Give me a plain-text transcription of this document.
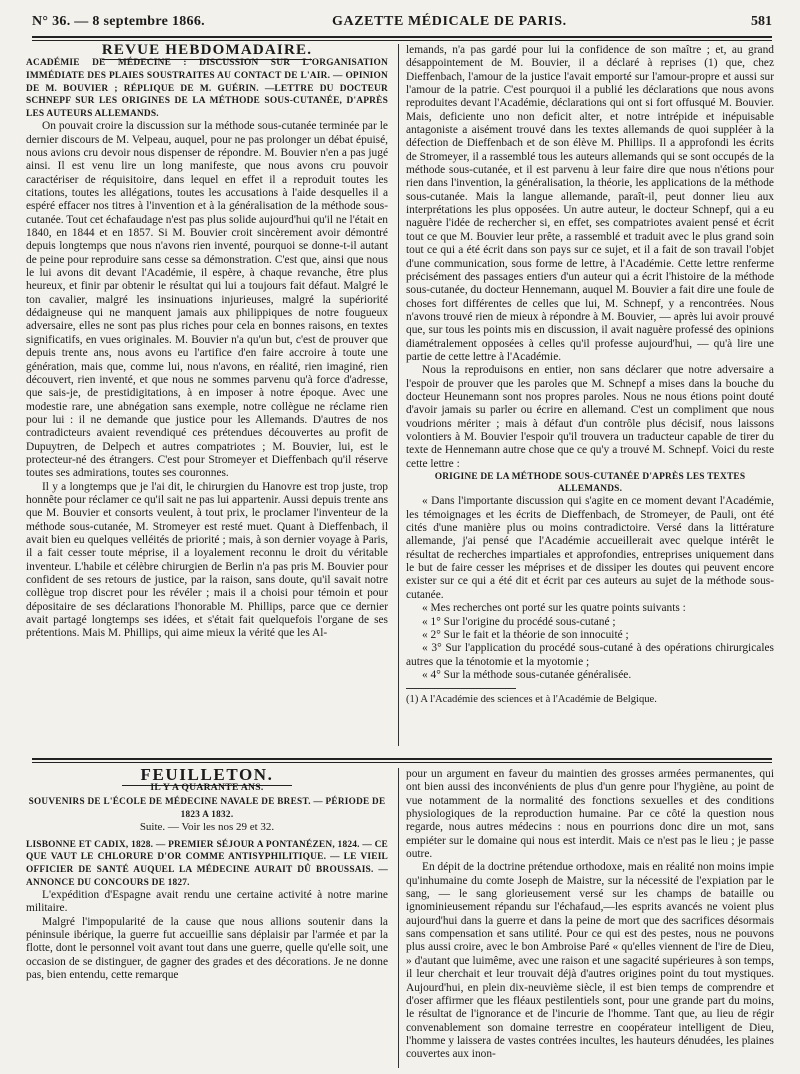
N° 36. — 8 septembre 1866.	GAZETTE MÉDICALE DE PARIS.	581

REVUE HEBDOMADAIRE.

ACADÉMIE DE MÉDECINE : DISCUSSION SUR L'ORGANISATION IMMÉDIATE DES PLAIES SOUSTRAITES AU CONTACT DE L'AIR. — OPINION DE M. BOUVIER ; RÉPLIQUE DE M. GUÉRIN. —LETTRE DU DOCTEUR SCHNEPF SUR LES ORIGINES DE LA MÉTHODE SOUS-CUTANÉE, D'APRÈS LES AUTEURS ALLEMANDS.

On pouvait croire la discussion sur la méthode sous-cutanée terminée par le dernier discours de M. Velpeau, auquel, pour ne pas prolonger un débat épuisé, nous avions cru devoir nous dispenser de répondre. M. Bouvier n'en a pas jugé ainsi. Il est venu lire un long manifeste, que nous avons cru pouvoir caractériser de réquisitoire, dans lequel en effet il a reproduit toutes les citations, toutes les allégations, toutes les accusations à l'aide desquelles il a espéré effacer nos titres à l'invention et à la généralisation de la méthode sous-cutanée. Tout cet échafaudage n'est pas plus solide aujourd'hui qu'il ne l'était en 1840, en 1844 et en 1857. Si M. Bouvier croit sincèrement avoir démontré depuis longtemps que nous n'avons rien inventé, pourquoi se donne-t-il autant de peine pour reproduire sans cesse sa démonstration. C'est que, ainsi que nous le lui avons dit devant l'Académie, il espère, à chaque revanche, être plus heureux, et finir par obtenir le résultat qui lui a toujours fait défaut. Malgré le ton cavalier, malgré les insinuations injurieuses, malgré la supériorité dédaigneuse qui ne manquent jamais aux philippiques de notre fougueux adversaire, elles ne sont pas plus riches pour cela en bonnes raisons, en textes significatifs, en vues originales. M. Bouvier n'a qu'un but, c'est de prouver que depuis trente ans, nous avons eu l'artifice d'en faire accroire à toute une génération, mais que, comme lui, nous n'avons, en réalité, rien imaginé, rien découvert, rien inventé, et que nous ne sommes parvenu qu'à force d'adresse, que sais-je, de prestidigitations, à en imposer à notre époque. Avec une modestie rare, une abnégation sans exemple, notre collègue ne réclame rien pour lui : il ne demande que justice pour les Allemands. D'autres de nos contradicteurs avaient revendiqué ces prétendues découvertes au profit de Dupuytren, de Delpech et autres compatriotes ; M. Bouvier, lui, est le protecteur-né des étrangers. C'est pour Stromeyer et Dieffenbach qu'il réserve toutes ses admirations, toutes ses couronnes.

Il y a longtemps que je l'ai dit, le chirurgien du Hanovre est trop juste, trop honnête pour réclamer ce qu'il sait ne pas lui appartenir. Aussi depuis trente ans que M. Bouvier et consorts veulent, à tout prix, le proclamer l'inventeur de la méthode sous-cutanée, M. Stromeyer est resté muet. Quant à Dieffenbach, il avait bien eu quelques velléités de priorité ; mais, à son dernier voyage à Paris, il a fait cesser toute méprise, il a loyalement reconnu le droit du véritable inventeur. L'habile et célèbre chirurgien de Berlin n'a pas pris M. Bouvier pour confident de ses retours de justice, par la raison, sans doute, qu'il savait notre collègue trop discret pour les révéler ; mais il a choisi pour témoin et pour dépositaire de ses déclarations l'honorable M. Phillips, parce que ce dernier avait partagé longtemps ses idées, et s'était fait quelquefois l'organe de ses prétentions. Mais M. Phillips, qui aime mieux la vérité que les Al-

lemands, n'a pas gardé pour lui la confidence de son maître ; et, au grand désappointement de M. Bouvier, il a déclaré à reprises (1) que, chez Dieffenbach, l'amour de la justice l'avait emporté sur l'amour-propre et aussi sur l'amour de la patrie. C'est pourquoi il a publié les déclarations que nous avons reproduites devant l'Académie, déclarations qui ont si fort offusqué M. Bouvier. Mais, deficiente uno non deficit alter, et notre intrépide et inépuisable antagoniste a aisément trouvé dans les textes allemands de quoi suppléer à la défection de Dieffenbach et de son élève M. Phillips. Il a approfondi les écrits de Stromeyer, il a rassemblé tous les auteurs allemands qui se sont occupés de la méthode sous-cutanée, et il est parvenu à leur faire dire que nous n'étions pour rien dans l'invention, la généralisation, la théorie, les applications de la méthode sous-cutanée. Mais la langue allemande, paraît-il, peut donner lieu aux interprétations les plus opposées. Un autre auteur, le docteur Schnepf, qui a eu naguère l'idée de rechercher si, en effet, ses compatriotes avaient pensé et écrit tout ce que M. Bouvier leur prête, a rassemblé et traduit avec le plus grand soin tout ce qui a été écrit dans son pays sur ce sujet, et il a fait de son travail l'objet d'une communication, sous forme de lettre, à l'Académie. Cette lettre renferme précisément des passages entiers d'un auteur qui a écrit l'histoire de la méthode sous-cutanée, du docteur Hennemann, auquel M. Bouvier a fait dire une foule de choses fort différentes de celles que lui, M. Schnepf, y a rencontrées. Nous n'avons trouvé rien de mieux à répondre à M. Bouvier, — après lui avoir prouvé que, sur tous les points mis en discussion, il avait naguère professé des opinions diamétralement opposées à celles qu'il professe aujourd'hui, — qu'à lire une partie de cette lettre à l'Académie.

Nous la reproduisons en entier, non sans déclarer que notre adversaire a l'espoir de prouver que les paroles que M. Schnepf a mises dans la bouche du docteur Heunemann sont nos propres paroles. Nous ne nous étions point douté d'avoir jamais su parler ou écrire en allemand. C'est un compliment que nous voudrions mériter ; mais à défaut d'un contrôle plus décisif, nous laissons volontiers à M. Bouvier l'espoir qu'il trouvera un traducteur capable de tirer du texte de Hennemann autre chose que ce qu'y a trouvé M. Schnepf. Voici du reste cette lettre :

ORIGINE DE LA MÉTHODE SOUS-CUTANÉE D'APRÈS LES TEXTES ALLEMANDS.

« Dans l'importante discussion qui s'agite en ce moment devant l'Académie, les témoignages et les écrits de Dieffenbach, de Stromeyer, de Pauli, ont été cités d'une manière plus ou moins contradictoire. Versé dans la littérature allemande, j'ai pensé que l'Académie accueillerait avec quelque intérêt le résultat de recherches impartiales et approfondies, entreprises uniquement dans le but de faire cesser les méprises et de dissiper les doutes qui peuvent encore exister sur ce qui a été dit et écrit par ces auteurs au sujet de la méthode sous-cutanée.

« Mes recherches ont porté sur les quatre points suivants :

« 1° Sur l'origine du procédé sous-cutané ;

« 2° Sur le fait et la théorie de son innocuité ;

« 3° Sur l'application du procédé sous-cutané à des opérations chirurgicales autres que la ténotomie et la myotomie ;

« 4° Sur la méthode sous-cutanée généralisée.

(1) A l'Académie des sciences et à l'Académie de Belgique.

FEUILLETON.

IL Y A QUARANTE ANS.

SOUVENIRS DE L'ÉCOLE DE MÉDECINE NAVALE DE BREST. — PÉRIODE DE 1823 A 1832.

Suite. — Voir les nos 29 et 32.

LISBONNE ET CADIX, 1828. — PREMIER SÉJOUR A PONTANÉZEN, 1824. — CE QUE VAUT LE CHLORURE D'OR COMME ANTISYPHILITIQUE. — LE VIEIL OFFICIER DE SANTÉ AUQUEL LA MÉDECINE AURAIT DÛ BROUSSAIS. — ANNONCE DU CONCOURS DE 1827.

L'expédition d'Espagne avait rendu une certaine activité à notre marine militaire.

Malgré l'impopularité de la cause que nous allions soutenir dans la péninsule ibérique, la guerre fut accueillie sans déplaisir par l'armée et par la flotte, dont le personnel voit avant tout dans une guerre, quelle qu'elle soit, une occasion de se distinguer, de gagner des grades et des décorations. Je ne donne pas, bien entendu, cette remarque

pour un argument en faveur du maintien des grosses armées permanentes, qui ont bien aussi des inconvénients de plus d'un genre pour l'hygiène, au point de vue notamment de la normalité des fonctions sexuelles et des conditions physiologiques de la reproduction humaine. Par ce côté la question nous regarde, nous autres médecins : nous en pourrions donc dire un mot, sans empiéter sur le domaine qui nous est interdit. Mais ce n'est pas le lieu ; je passe outre.

En dépit de la doctrine prétendue orthodoxe, mais en réalité non moins impie qu'inhumaine du comte Joseph de Maistre, sur la nécessité de l'expiation par le sang, — le sang glorieusement versé sur les champs de bataille ou ignominieusement répandu sur l'échafaud,—les esprits avancés ne voient plus aujourd'hui dans la guerre et dans la peine de mort que des sacrifices désormais sans compensation et sans utilité. Pour ce qui est des pestes, nous ne pouvons plus aussi croire, avec le bon Ambroise Paré « qu'elles viennent de l'ire de Dieu, » d'autant que luimême, avec une raison et une sagacité supérieures à son temps, il leur cherchait et leur trouvait déjà d'autres origines point du tout mystiques. Aujourd'hui, en plein dix-neuvième siècle, il est bien temps de comprendre et d'oser affirmer que les fléaux pestilentiels sont, pour une grande part du moins, le résultat de l'ignorance et de l'incurie de l'homme. Tant que, au lieu de régir convenablement son domaine terrestre en coopérateur intelligent de Dieu, l'homme y laissera de vastes contrées incultes, les hauteurs dénudées, les plaines couvertes aux inon-
